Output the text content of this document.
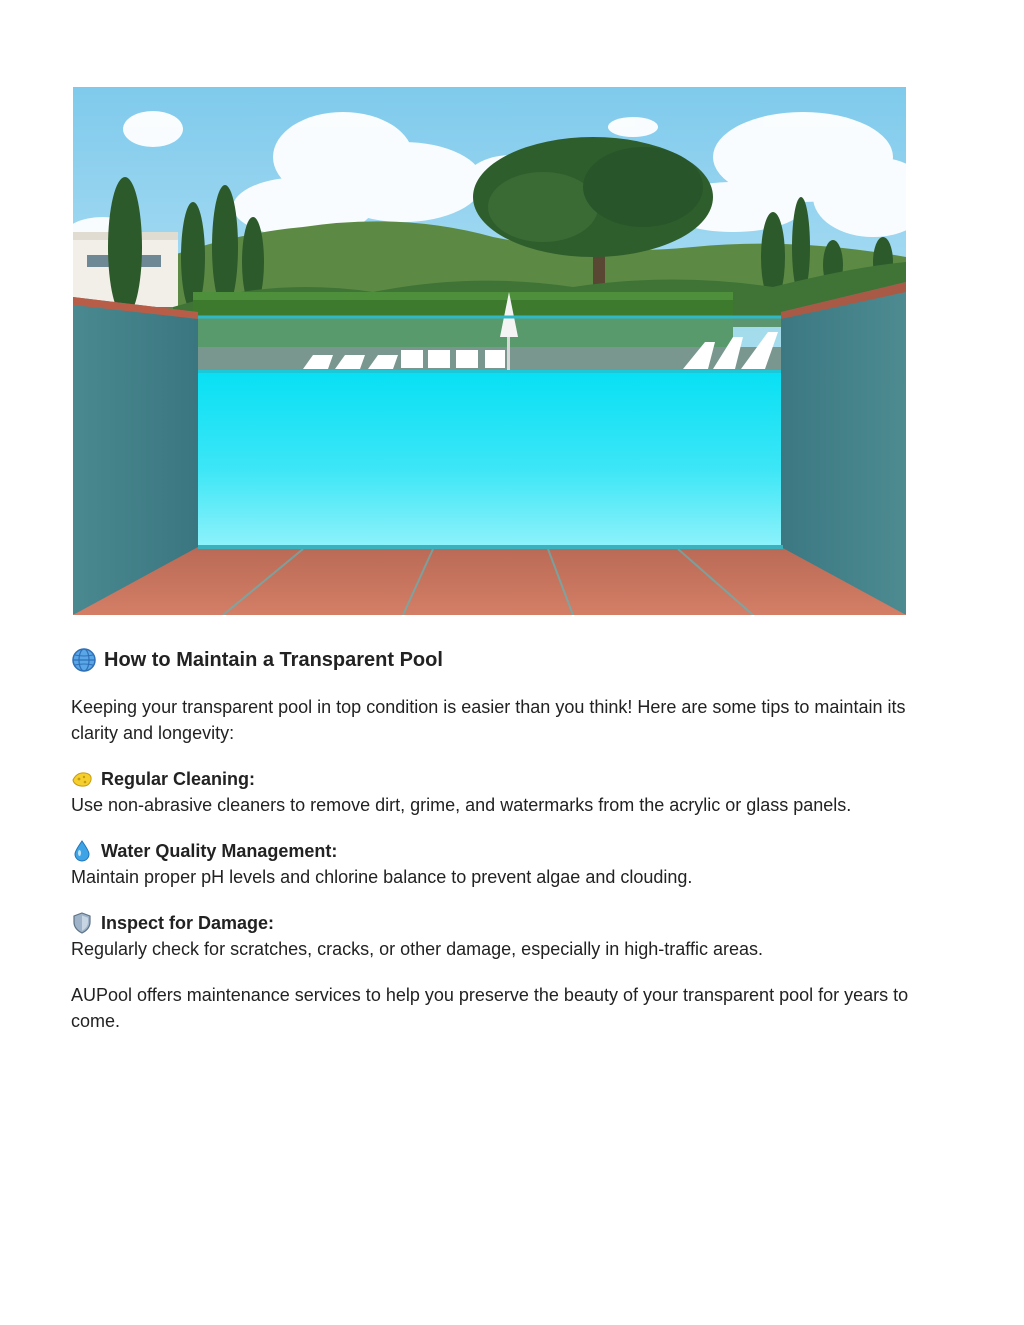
How to Maintain a Transparent Pool

Keeping your transparent pool in top condition is easier than you think! Here are some tips to maintain its clarity and longevity:

Regular Cleaning:

Use non-abrasive cleaners to remove dirt, grime, and watermarks from the acrylic or glass panels.

Water Quality Management:

Maintain proper pH levels and chlorine balance to prevent algae and clouding.

Inspect for Damage:

Regularly check for scratches, cracks, or other damage, especially in high-traffic areas.

AUPool offers maintenance services to help you preserve the beauty of your transparent pool for years to come.
